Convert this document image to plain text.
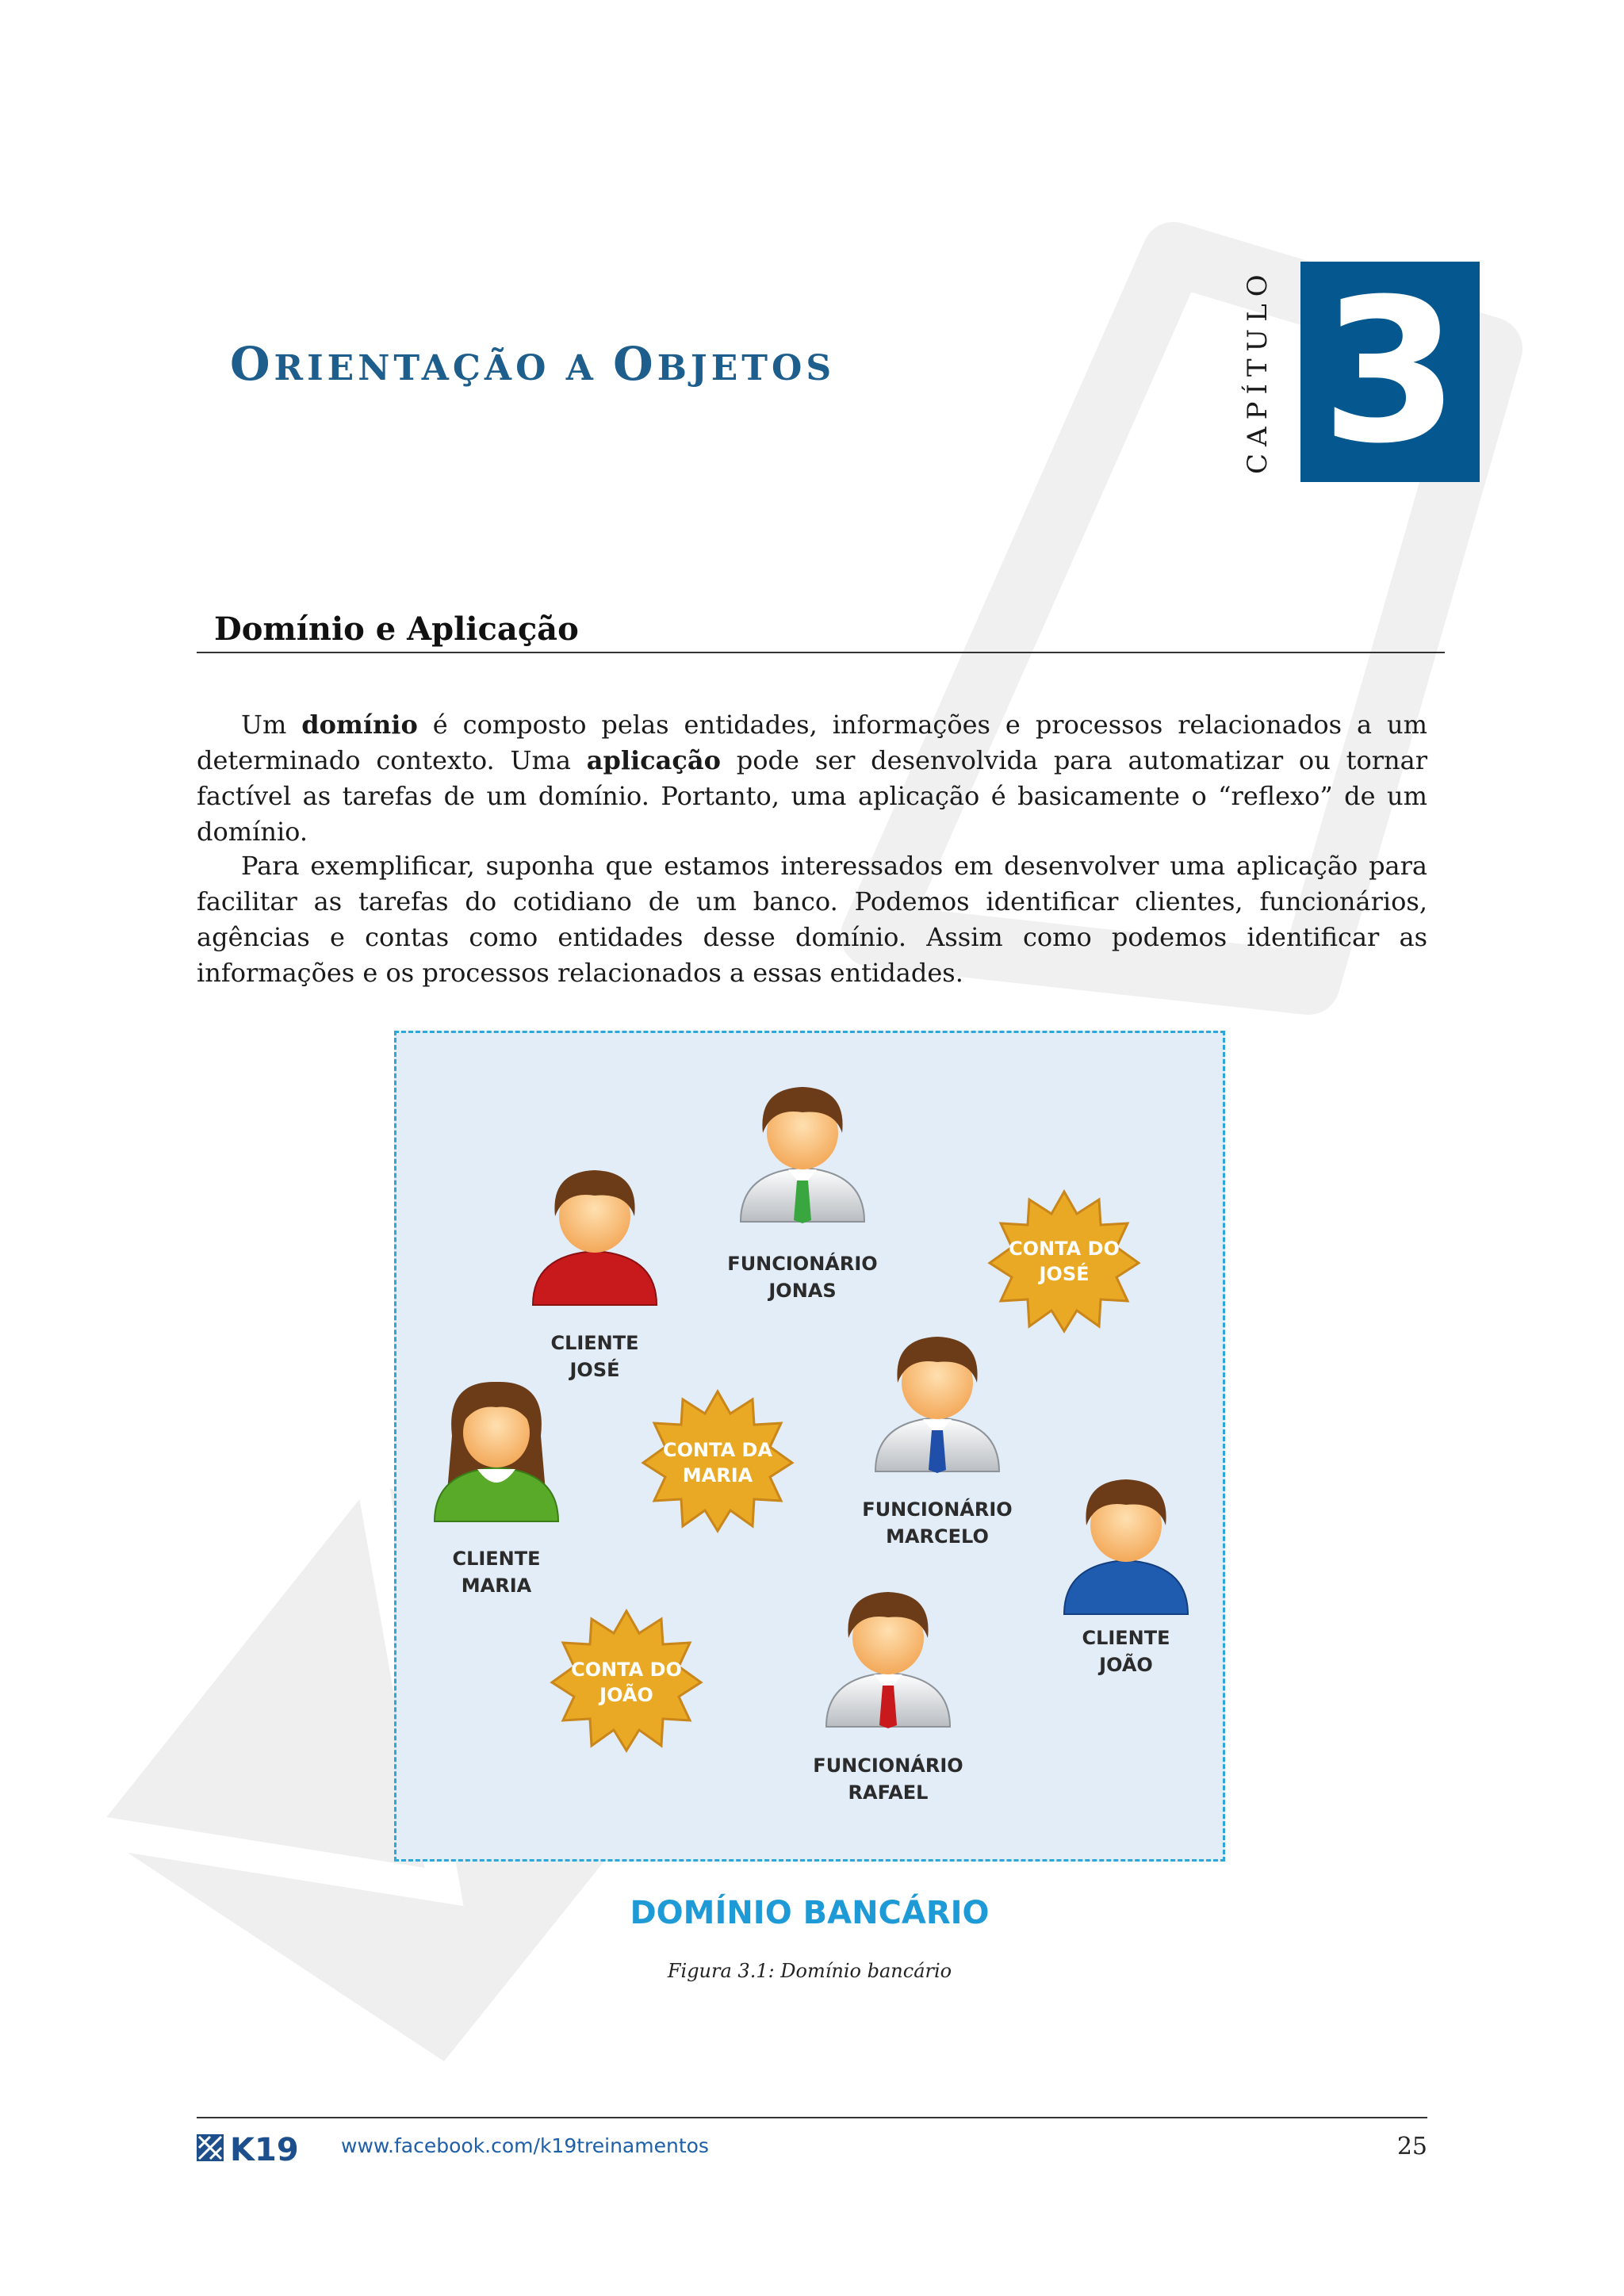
ORIENTAÇÃO A OBJETOS	CAPÍTULO 3
Domínio e Aplicação
Um domínio é composto pelas entidades, informações e processos relacionados a um determinado contexto. Uma aplicação pode ser desenvolvida para automatizar ou tornar factível as tarefas de um domínio. Portanto, uma aplicação é basicamente o “reflexo” de um domínio.
Para exemplificar, suponha que estamos interessados em desenvolver uma aplicação para facilitar as tarefas do cotidiano de um banco. Podemos identificar clientes, funcionários, agências e contas como entidades desse domínio. Assim como podemos identificar as informações e os processos relacionados a essas entidades.
FUNCIONÁRIO
JONAS
CLIENTE
JOSÉ
FUNCIONÁRIO
MARCELO
CLIENTE
MARIA
CLIENTE
JOÃO
FUNCIONÁRIO
RAFAEL
CONTA DO
JOSÉ
CONTA DA
MARIA
CONTA DO
JOÃO
DOMÍNIO BANCÁRIO
Figura 3.1: Domínio bancário
K19 www.facebook.com/k19treinamentos	25
